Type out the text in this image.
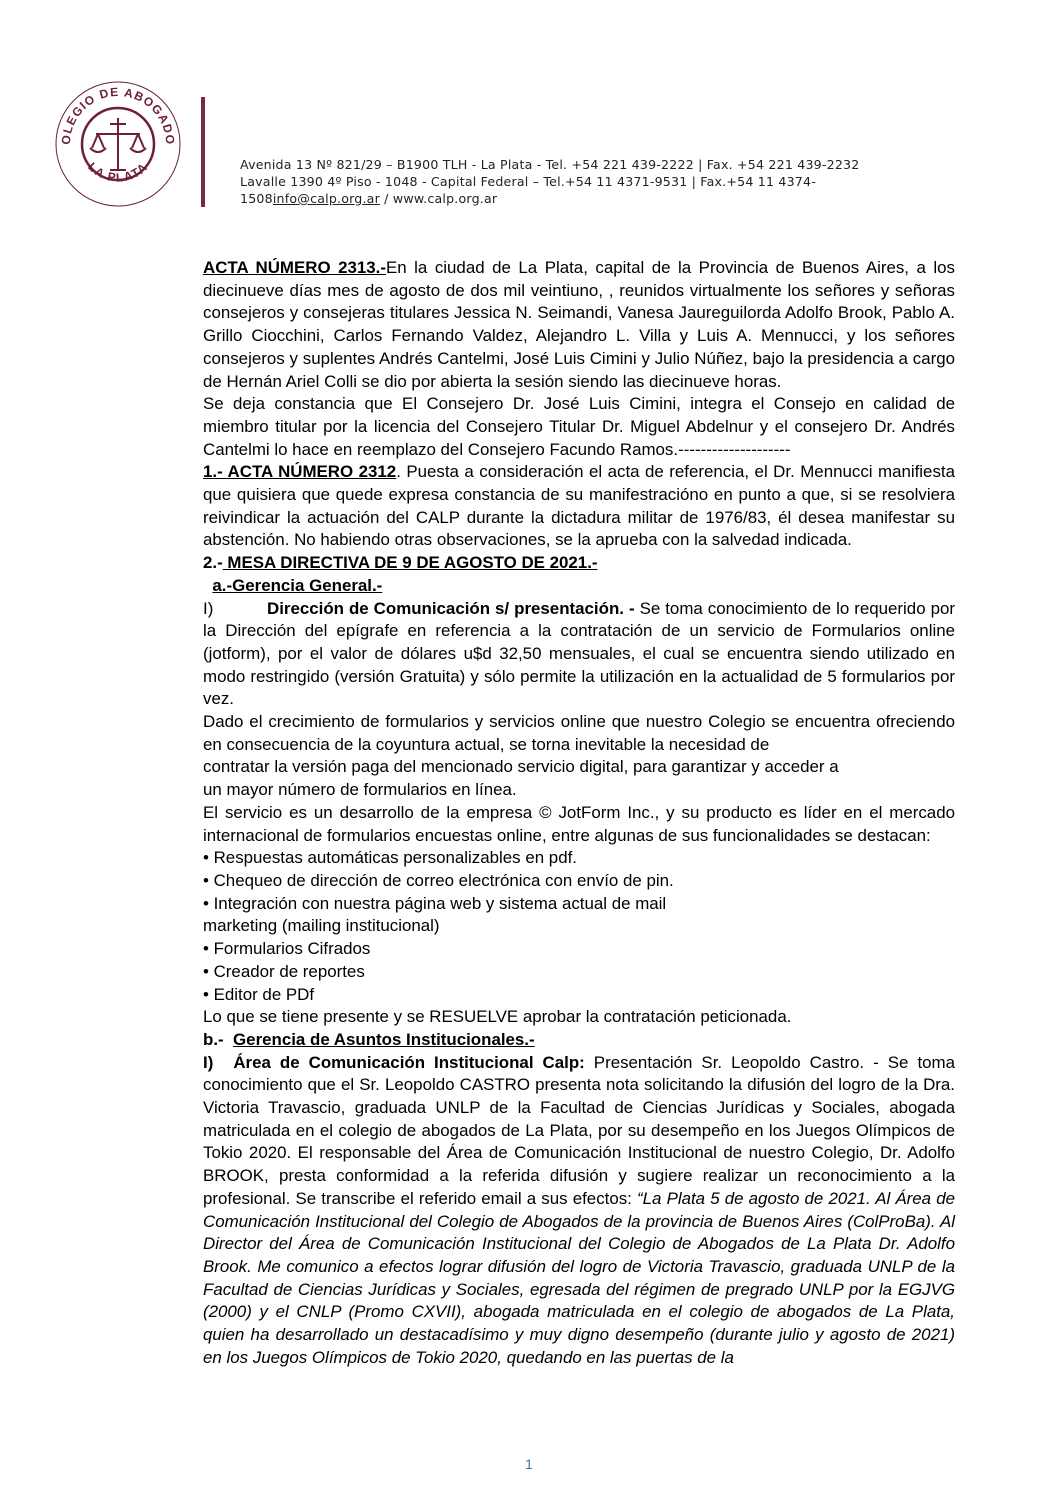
OLEGIO DE ABOGADO
LA PLATA	Avenida 13 Nº 821/29 – B1900 TLH - La Plata - Tel. +54 221 439-2222 | Fax. +54 221 439-2232
Lavalle 1390 4º Piso - 1048 - Capital Federal – Tel.+54 11 4371-9531 | Fax.+54 11 4374-
1508info@calp.org.ar / www.calp.org.ar

ACTA NÚMERO 2313.-En la ciudad de La Plata, capital de la Provincia de Buenos Aires, a los diecinueve días mes de agosto de dos mil veintiuno, , reunidos virtualmente los señores y señoras consejeros y consejeras titulares Jessica N. Seimandi, Vanesa Jaureguilorda Adolfo Brook, Pablo A. Grillo Ciocchini, Carlos Fernando Valdez, Alejandro L. Villa y Luis A. Mennucci, y los señores consejeros y suplentes Andrés Cantelmi, José Luis Cimini y Julio Núñez, bajo la presidencia a cargo de Hernán Ariel Colli se dio por abierta la sesión siendo las diecinueve horas.

Se deja constancia que El Consejero Dr. José Luis Cimini, integra el Consejo en calidad de miembro titular por la licencia del Consejero Titular Dr. Miguel Abdelnur y el consejero Dr. Andrés Cantelmi lo hace en reemplazo del Consejero Facundo Ramos.--------------------

1.- ACTA NÚMERO 2312. Puesta a consideración el acta de referencia, el Dr. Mennucci manifiesta que quisiera que quede expresa constancia de su manifestracióno en punto a que, si se resolviera reivindicar la actuación del CALP durante la dictadura militar de 1976/83, él desea manifestar su abstención. No habiendo otras observaciones, se la aprueba con la salvedad indicada.

2.- MESA DIRECTIVA DE 9 DE AGOSTO DE 2021.-

a.-Gerencia General.-

I)	Dirección de Comunicación s/ presentación. - Se toma conocimiento de lo requerido por la Dirección del epígrafe en referencia a la contratación de un servicio de Formularios online (jotform), por el valor de dólares u$d 32,50 mensuales, el cual se encuentra siendo utilizado en modo restringido (versión Gratuita) y sólo permite la utilización en la actualidad de 5 formularios por vez.

Dado el crecimiento de formularios y servicios online que nuestro Colegio se encuentra ofreciendo en consecuencia de la coyuntura actual, se torna inevitable la necesidad de

contratar la versión paga del mencionado servicio digital, para garantizar y acceder a
un mayor número de formularios en línea.

El servicio es un desarrollo de la empresa © JotForm Inc., y su producto es líder en el mercado internacional de formularios encuestas online, entre algunas de sus funcionalidades se destacan:

• Respuestas automáticas personalizables en pdf.
• Chequeo de dirección de correo electrónica con envío de pin.
• Integración con nuestra página web y sistema actual de mail
marketing (mailing institucional)
• Formularios Cifrados
• Creador de reportes
• Editor de PDf

Lo que se tiene presente y se RESUELVE aprobar la contratación peticionada.

b.- Gerencia de Asuntos Institucionales.-

I) Área de Comunicación Institucional Calp: Presentación Sr. Leopoldo Castro. - Se toma conocimiento que el Sr. Leopoldo CASTRO presenta nota solicitando la difusión del logro de la Dra. Victoria Travascio, graduada UNLP de la Facultad de Ciencias Jurídicas y Sociales, abogada matriculada en el colegio de abogados de La Plata, por su desempeño en los Juegos Olímpicos de Tokio 2020. El responsable del Área de Comunicación Institucional de nuestro Colegio, Dr. Adolfo BROOK, presta conformidad a la referida difusión y sugiere realizar un reconocimiento a la profesional. Se transcribe el referido email a sus efectos: “La Plata 5 de agosto de 2021. Al Área de Comunicación Institucional del Colegio de Abogados de la provincia de Buenos Aires (ColProBa). Al Director del Área de Comunicación Institucional del Colegio de Abogados de La Plata Dr. Adolfo Brook. Me comunico a efectos lograr difusión del logro de Victoria Travascio, graduada UNLP de la Facultad de Ciencias Jurídicas y Sociales, egresada del régimen de pregrado UNLP por la EGJVG (2000) y el CNLP (Promo CXVII), abogada matriculada en el colegio de abogados de La Plata, quien ha desarrollado un destacadísimo y muy digno desempeño (durante julio y agosto de 2021) en los Juegos Olímpicos de Tokio 2020, quedando en las puertas de la

1
